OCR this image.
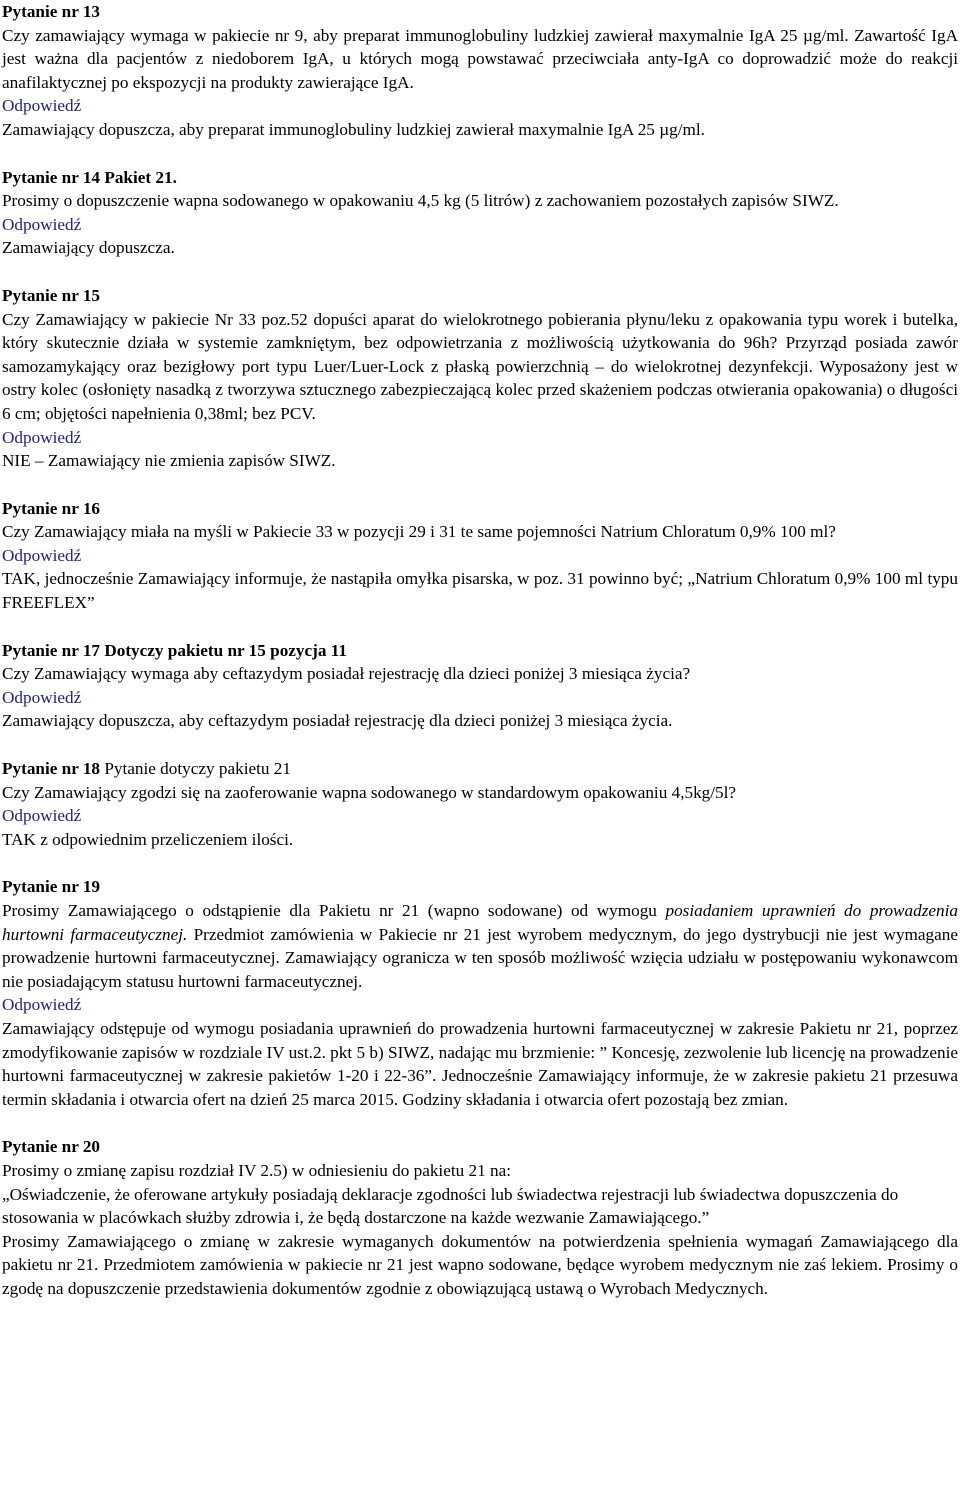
Pytanie nr 13

Czy zamawiający wymaga w pakiecie nr 9, aby preparat immunoglobuliny ludzkiej zawierał maxymalnie IgA 25 µg/ml. Zawartość IgA jest ważna dla pacjentów z niedoborem IgA, u których mogą powstawać przeciwciała anty-IgA co doprowadzić może do reakcji anafilaktycznej po ekspozycji na produkty zawierające IgA.

Odpowiedź

Zamawiający dopuszcza, aby preparat immunoglobuliny ludzkiej zawierał maxymalnie IgA 25 µg/ml.

Pytanie nr 14 Pakiet 21.

Prosimy o dopuszczenie wapna sodowanego w opakowaniu 4,5 kg (5 litrów) z zachowaniem pozostałych zapisów SIWZ.

Odpowiedź

Zamawiający dopuszcza.

Pytanie nr 15

Czy Zamawiający w pakiecie Nr 33 poz.52 dopuści aparat do wielokrotnego pobierania płynu/leku z opakowania typu worek i butelka, który skutecznie działa w systemie zamkniętym, bez odpowietrzania z możliwością użytkowania do 96h? Przyrząd posiada zawór samozamykający oraz bezigłowy port typu Luer/Luer-Lock z płaską powierzchnią – do wielokrotnej dezynfekcji. Wyposażony jest w ostry kolec (osłonięty nasadką z tworzywa sztucznego zabezpieczającą kolec przed skażeniem podczas otwierania opakowania) o długości 6 cm; objętości napełnienia 0,38ml; bez PCV.

Odpowiedź

NIE – Zamawiający nie zmienia zapisów SIWZ.

Pytanie nr 16

Czy Zamawiający miała na myśli w Pakiecie 33 w pozycji 29 i 31 te same pojemności Natrium Chloratum 0,9% 100 ml?

Odpowiedź

TAK, jednocześnie Zamawiający informuje, że nastąpiła omyłka pisarska, w poz. 31 powinno być; „Natrium Chloratum 0,9% 100 ml typu FREEFLEX”

Pytanie nr 17 Dotyczy pakietu nr 15 pozycja 11

Czy Zamawiający wymaga aby ceftazydym posiadał rejestrację dla dzieci poniżej 3 miesiąca życia?

Odpowiedź

Zamawiający dopuszcza, aby ceftazydym posiadał rejestrację dla dzieci poniżej 3 miesiąca życia.

Pytanie nr 18 Pytanie dotyczy pakietu 21

Czy Zamawiający zgodzi się na zaoferowanie wapna sodowanego w standardowym opakowaniu 4,5kg/5l?

Odpowiedź

TAK z odpowiednim przeliczeniem ilości.

Pytanie nr 19

Prosimy Zamawiającego o odstąpienie dla Pakietu nr 21 (wapno sodowane) od wymogu posiadaniem uprawnień do prowadzenia hurtowni farmaceutycznej. Przedmiot zamówienia w Pakiecie nr 21 jest wyrobem medycznym, do jego dystrybucji nie jest wymagane prowadzenie hurtowni farmaceutycznej. Zamawiający ogranicza w ten sposób możliwość wzięcia udziału w postępowaniu wykonawcom nie posiadającym statusu hurtowni farmaceutycznej.

Odpowiedź

Zamawiający odstępuje od wymogu posiadania uprawnień do prowadzenia hurtowni farmaceutycznej w zakresie Pakietu nr 21, poprzez zmodyfikowanie zapisów w rozdziale IV ust.2. pkt 5 b) SIWZ, nadając mu brzmienie: ” Koncesję, zezwolenie lub licencję na prowadzenie hurtowni farmaceutycznej w zakresie pakietów 1-20 i 22-36”. Jednocześnie Zamawiający informuje, że w zakresie pakietu 21 przesuwa termin składania i otwarcia ofert na dzień 25 marca 2015. Godziny składania i otwarcia ofert pozostają bez zmian.

Pytanie nr 20

Prosimy o zmianę zapisu rozdział IV 2.5) w odniesieniu do pakietu 21 na:

„Oświadczenie, że oferowane artykuły posiadają deklaracje zgodności lub świadectwa rejestracji lub świadectwa dopuszczenia do stosowania w placówkach służby zdrowia i, że będą dostarczone na każde wezwanie Zamawiającego.”

Prosimy Zamawiającego o zmianę w zakresie wymaganych dokumentów na potwierdzenia spełnienia wymagań Zamawiającego dla pakietu nr 21. Przedmiotem zamówienia w pakiecie nr 21 jest wapno sodowane, będące wyrobem medycznym nie zaś lekiem. Prosimy o zgodę na dopuszczenie przedstawienia dokumentów zgodnie z obowiązującą ustawą o Wyrobach Medycznych.
